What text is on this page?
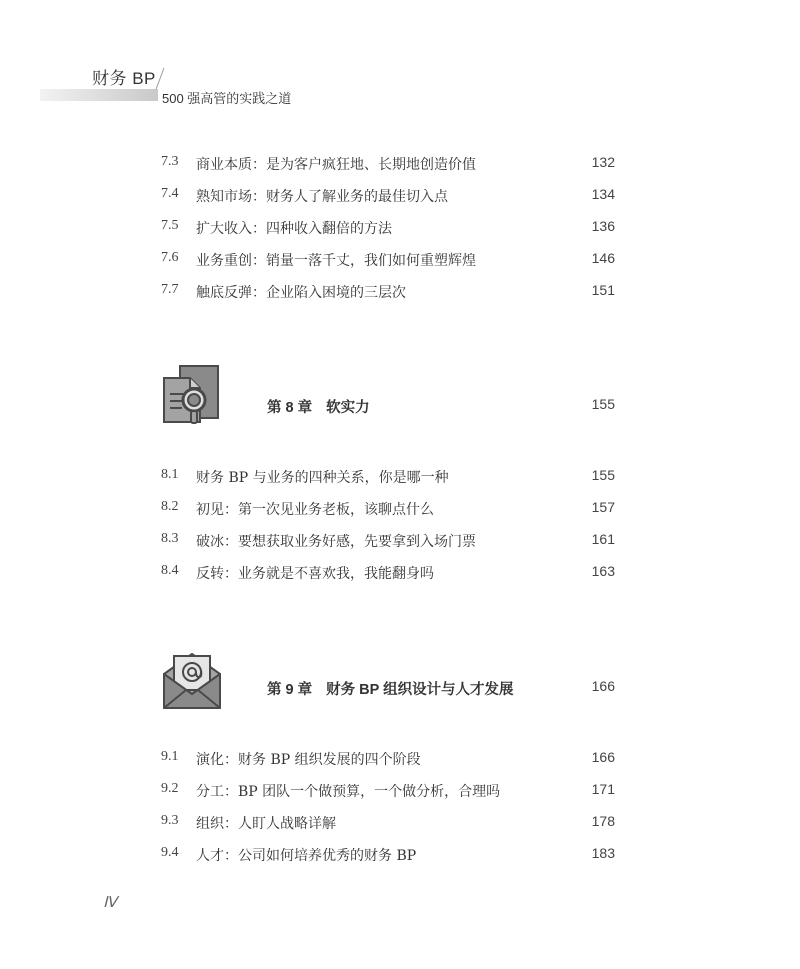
财务 BP
500 强高管的实践之道
7.3 商业本质：是为客户疯狂地、长期地创造价值	132
7.4 熟知市场：财务人了解业务的最佳切入点	134
7.5 扩大收入：四种收入翻倍的方法	136
7.6 业务重创：销量一落千丈，我们如何重塑辉煌	146
7.7 触底反弹：企业陷入困境的三层次	151
第 8 章 软实力	155
8.1 财务 BP 与业务的四种关系，你是哪一种	155
8.2 初见：第一次见业务老板，该聊点什么	157
8.3 破冰：要想获取业务好感，先要拿到入场门票	161
8.4 反转：业务就是不喜欢我，我能翻身吗	163
第 9 章 财务 BP 组织设计与人才发展	166
9.1 演化：财务 BP 组织发展的四个阶段	166
9.2 分工：BP 团队一个做预算，一个做分析，合理吗	171
9.3 组织：人盯人战略详解	178
9.4 人才：公司如何培养优秀的财务 BP	183
Ⅳ
